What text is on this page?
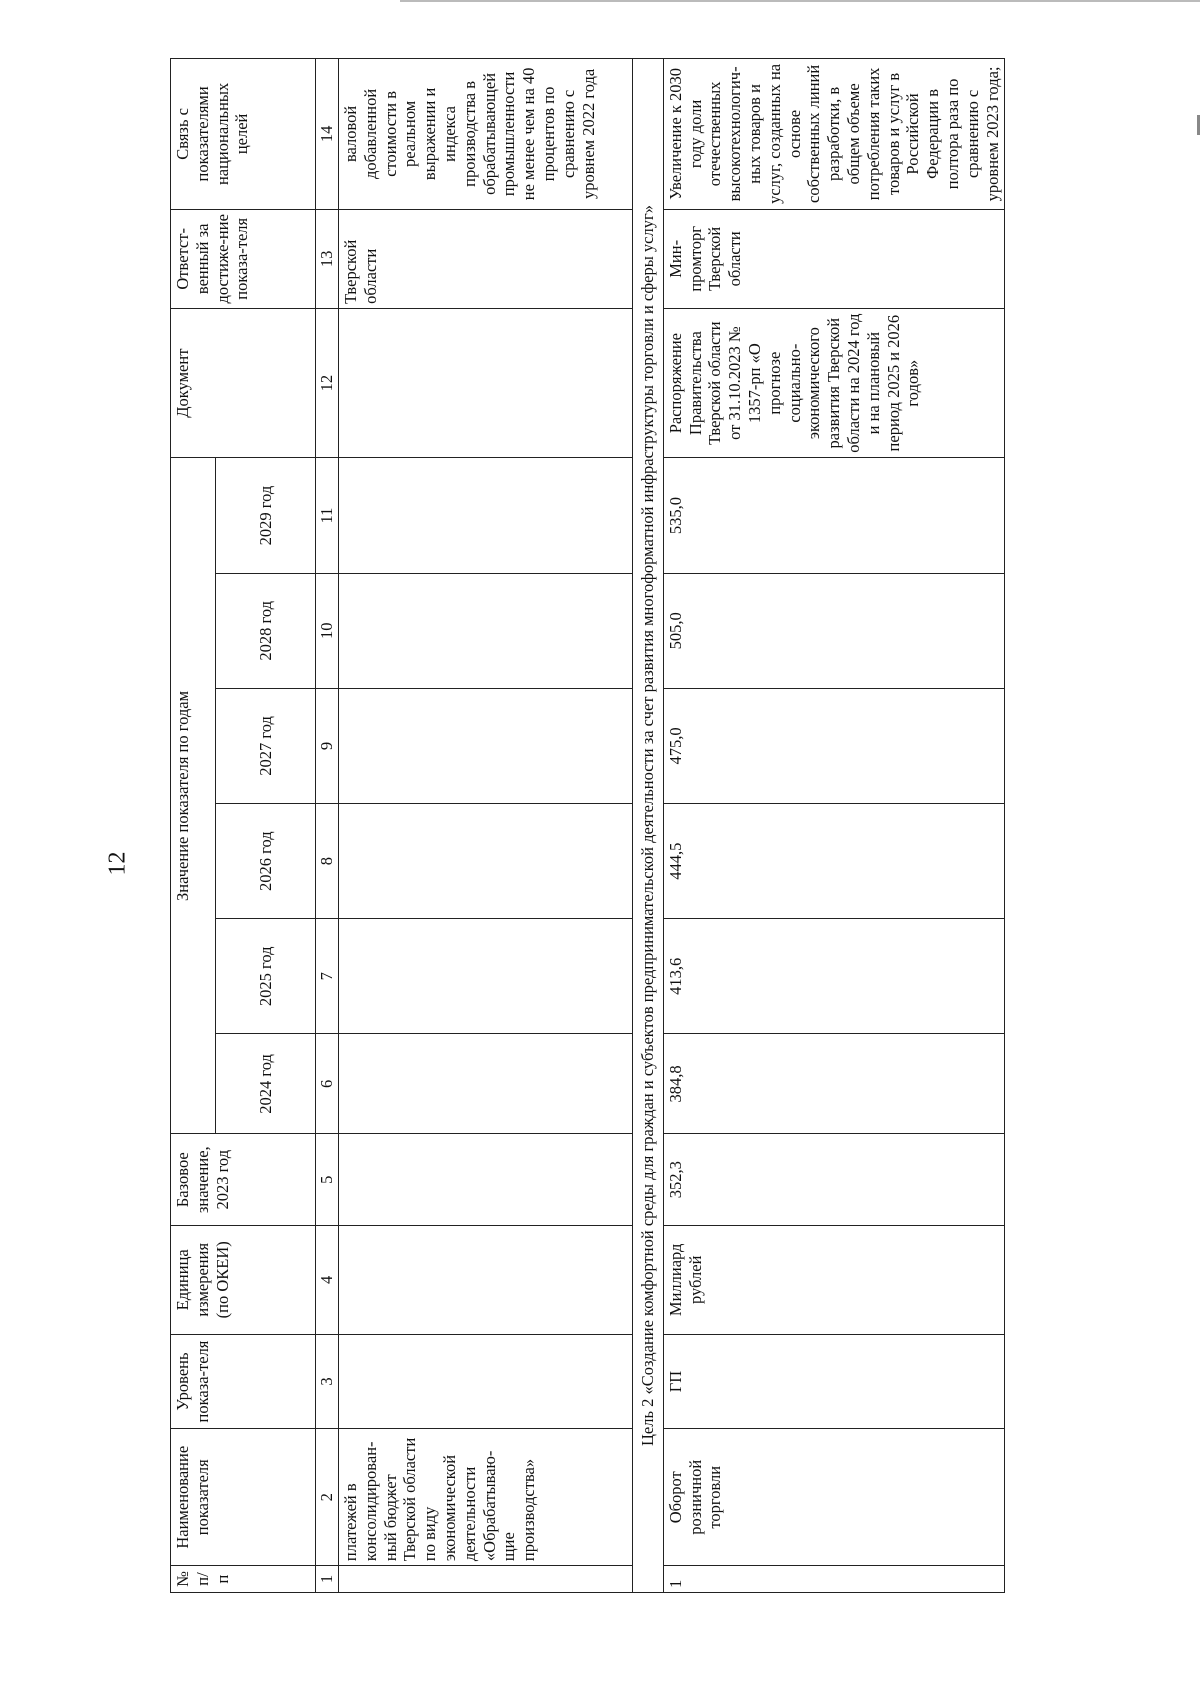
12
№ п/п	Наименование показателя	Уровень показа-теля	Единица измерения (по ОКЕИ)	Базовое значение, 2023 год	Значение показателя по годам						Документ	Ответст-венный за достиже-ние показа-теля	Связь с показателями национальных целей
					2024 год	2025 год	2026 год	2027 год	2028 год	2029 год			
1	2	3	4	5	6	7	8	9	10	11	12	13	14
	платежей в консолидирован-ный бюджет Тверской области по виду экономической деятельности «Обрабатываю-щие производства»											Тверской области	валовой добавленной стоимости в реальном выражении и индекса производства в обрабатывающей промышленности не менее чем на 40 процентов по сравнению с уровнем 2022 года
Цель 2 «Создание комфортной среды для граждан и субъектов предпринимательской деятельности за счет развития многоформатной инфраструктуры торговли и сферы услуг»													
1	Оборот розничной торговли	ГП	Миллиард рублей	352,3	384,8	413,6	444,5	475,0	505,0	535,0	Распоряжение Правительства Тверской области от 31.10.2023 № 1357-рп «О прогнозе социально-экономического развития Тверской области на 2024 год и на плановый период 2025 и 2026 годов»	Мин-промторг Тверской области	Увеличение к 2030 году доли отечественных высокотехнологич-ных товаров и услуг, созданных на основе собственных линий разработки, в общем объеме потребления таких товаров и услуг в Российской Федерации в полтора раза по сравнению с уровнем 2023 года;
